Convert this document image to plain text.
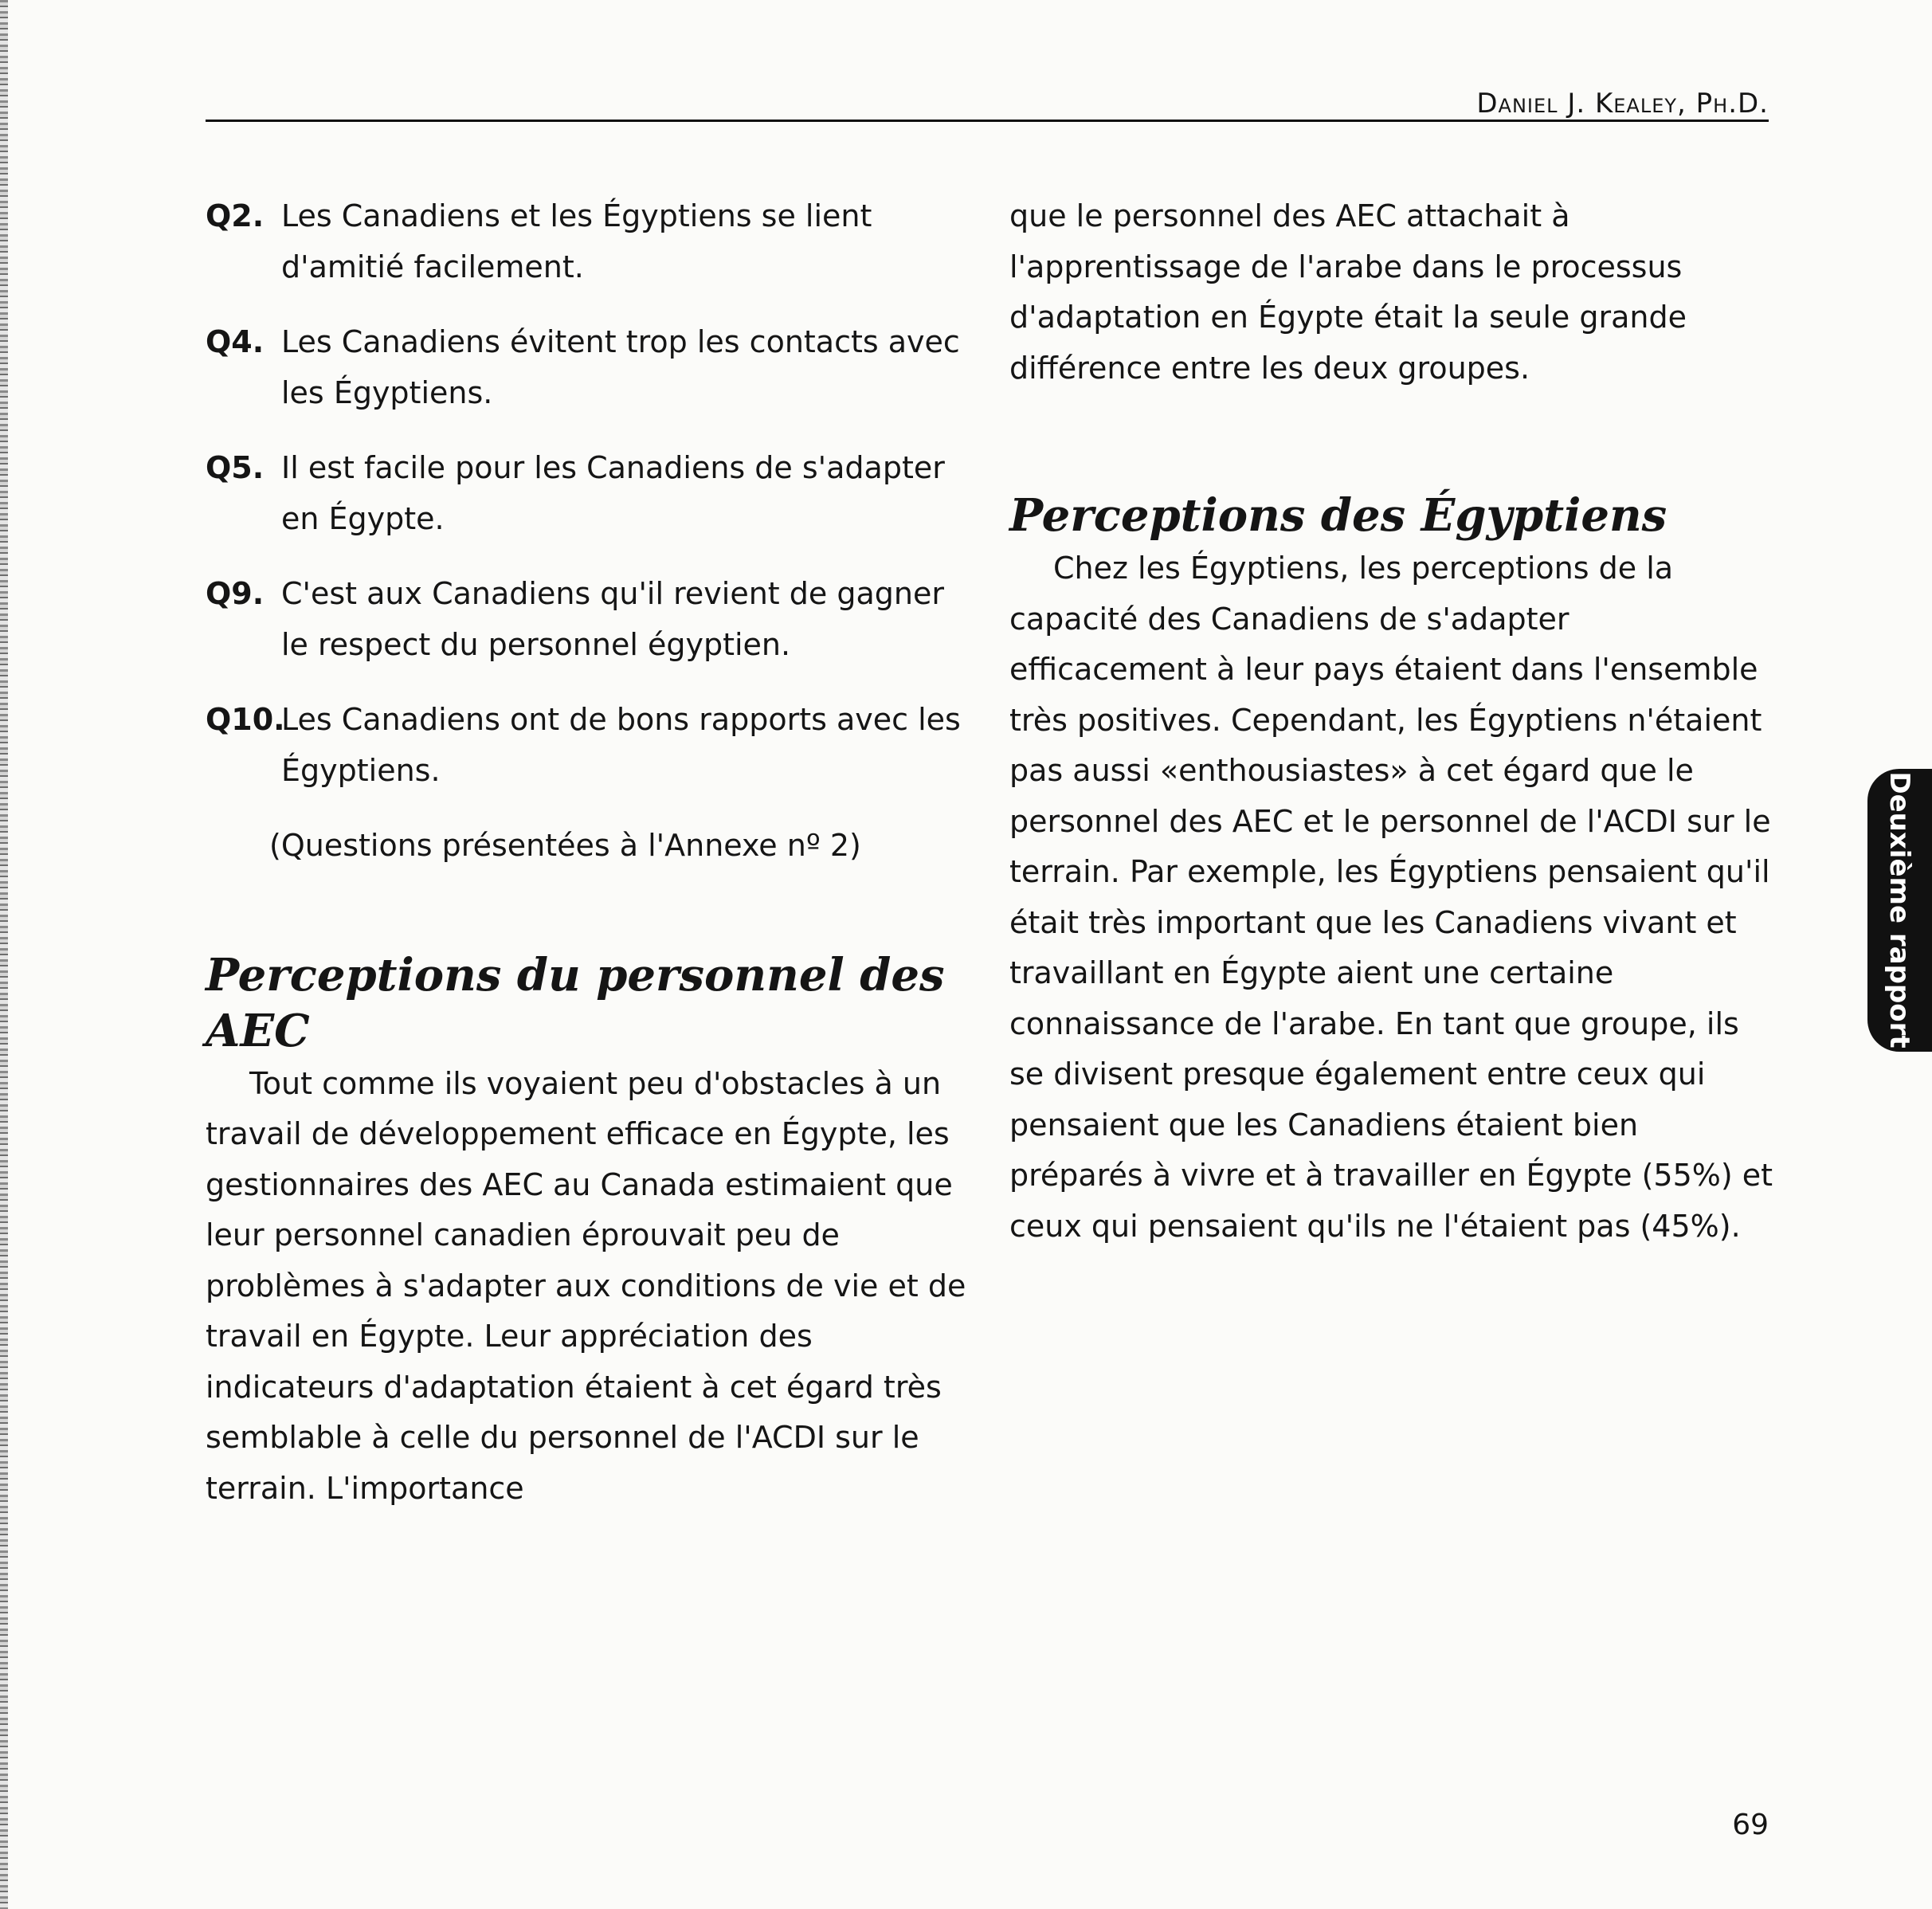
Daniel J. Kealey, Ph.D.
Q2. Les Canadiens et les Égyptiens se lient d'amitié facilement.
Q4. Les Canadiens évitent trop les contacts avec les Égyptiens.
Q5. Il est facile pour les Canadiens de s'adapter en Égypte.
Q9. C'est aux Canadiens qu'il revient de gagner le respect du personnel égyptien.
Q10.
Les Canadiens ont de bons rapports avec les Égyptiens.
(Questions présentées à l'Annexe nº 2)
Perceptions du personnel des AEC

Tout comme ils voyaient peu d'obstacles à un travail de développement efficace en Égypte, les gestionnaires des AEC au Canada estimaient que leur personnel canadien éprouvait peu de problèmes à s'adapter aux conditions de vie et de travail en Égypte. Leur appréciation des indicateurs d'adaptation étaient à cet égard très semblable à celle du personnel de l'ACDI sur le terrain. L'importance

que le personnel des AEC attachait à l'apprentissage de l'arabe dans le processus d'adaptation en Égypte était la seule grande différence entre les deux groupes.

Perceptions des Égyptiens

Chez les Égyptiens, les perceptions de la capacité des Canadiens de s'adapter efficacement à leur pays étaient dans l'ensemble très positives. Cependant, les Égyptiens n'étaient pas aussi «enthousiastes» à cet égard que le personnel des AEC et le personnel de l'ACDI sur le terrain. Par exemple, les Égyptiens pensaient qu'il était très important que les Canadiens vivant et travaillant en Égypte aient une certaine connaissance de l'arabe. En tant que groupe, ils se divisent presque également entre ceux qui pensaient que les Canadiens étaient bien préparés à vivre et à travailler en Égypte (55%) et ceux qui pensaient qu'ils ne l'étaient pas (45%).

Deuxième rapport
69
